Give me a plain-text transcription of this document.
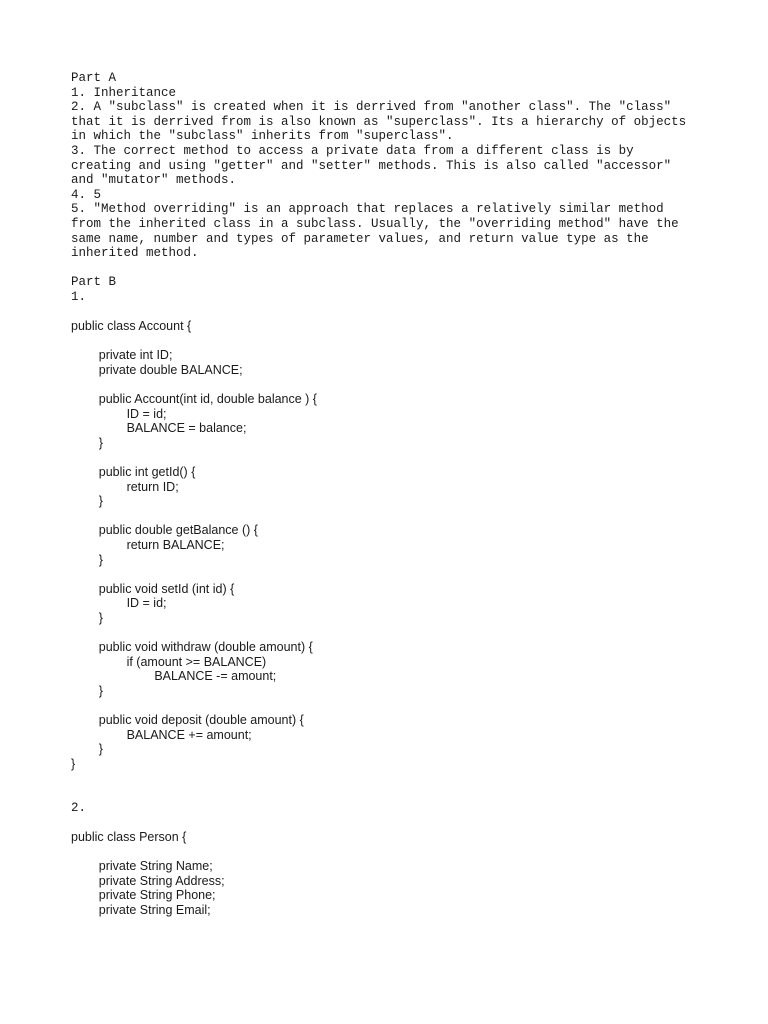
Part A
1. Inheritance
2. A "subclass" is created when it is derrived from "another class". The "class"
that it is derrived from is also known as "superclass". Its a hierarchy of objects
in which the "subclass" inherits from "superclass".
3. The correct method to access a private data from a different class is by
creating and using "getter" and "setter" methods. This is also called "accessor"
and "mutator" methods.
4. 5
5. "Method overriding" is an approach that replaces a relatively similar method
from the inherited class in a subclass. Usually, the "overriding method" have the
same name, number and types of parameter values, and return value type as the
inherited method.
Part B
1.
public class Account {

private int ID;
private double BALANCE;

public Account(int id, double balance ) {
ID = id;
BALANCE = balance;
}

public int getId() {
return ID;
}

public double getBalance () {
return BALANCE;
}

public void setId (int id) {
ID = id;
}

public void withdraw (double amount) {
if (amount >= BALANCE)
BALANCE -= amount;
}

public void deposit (double amount) {
BALANCE += amount;
}
}
2.
public class Person {

private String Name;
private String Address;
private String Phone;
private String Email;
